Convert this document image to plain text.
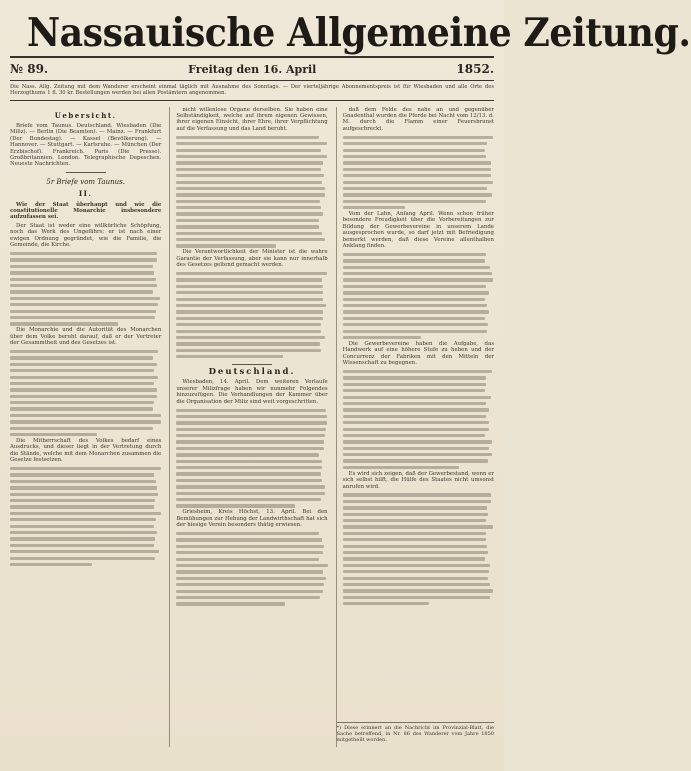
Nassauische Allgemeine Zeitung.
№ 89.	Freitag den 16. April	1852.
Die Nass. Allg. Zeitung mit dem Wanderer erscheint einmal täglich mit Ausnahme des Sonntags. — Der vierteljährige Abonnementspreis ist für Wiesbaden und alle Orte des Herzogthums 1 fl. 30 kr. Bestellungen werden bei allen Postämtern angenommen.
Uebersicht.
Briefe vom Taunus. Deutschland. Wiesbaden (Die Miliz). — Berlin (Die Beamten). — Mainz. — Frankfurt (Der Bundestag). — Kassel (Bevölkerung). — Hannover. — Stuttgart. — Karlsruhe. — München (Der Erzbischof). Frankreich. Paris (Die Presse). Großbritannien. London. Telegraphische Depeschen. Neueste Nachrichten.
5r Briefe vom Taunus.
II.
Wie der Staat überhaupt und wie die constitutionelle Monarchie insbesondere aufzufassen sei.
Der Staat ist weder eine willkürliche Schöpfung, noch das Werk des Ungefährs; er ist nach einer ewigen Ordnung gegründet, wie die Familie, die Gemeinde, die Kirche.
Die Monarchie und die Autorität des Monarchen über dem Volke beruht darauf, daß er der Vertreter der Gesammtheit und des Gesetzes ist.
Die Mitherrschaft des Volkes bedarf eines Ausdrucks, und dieser liegt in der Vertretung durch die Stände, welche mit dem Monarchen zusammen die Gesetze festsetzen.
nicht willenlose Organe derselben. Sie haben eine Selbständigkeit, welche auf ihrem eigenen Gewissen, ihrer eigenen Einsicht, ihrer Ehre, ihrer Verpflichtung auf die Verfassung und das Land beruht.
Die Verantwortlichkeit der Minister ist die wahre Garantie der Verfassung, aber sie kann nur innerhalb des Gesetzes geltend gemacht werden.
Deutschland.
Wiesbaden, 14. April. Dem weiteren Verlaufe unserer Milizfrage haben wir nunmehr Folgendes hinzuzufügen. Die Verhandlungen der Kammer über die Organisation der Miliz sind weit vorgeschritten.
Griesheim, Kreis Höchst, 13. April. Bei den Bemühungen zur Hebung der Landwirthschaft hat sich der hiesige Verein besonders thätig erwiesen.
daß dem Felde des nahe an und gegenüber Gnadenthal wurden die Pferde bei Nacht vom 12/13. d. M. durch die Flamm einer Feuersbrunst aufgeschreckt.
Vom der Lahn, Anfang April. Wenn schon früher besondere Freudigkeit über die Vorbereitungen zur Bildung der Gewerbevereine in unserem Lande ausgesprochen wurde, so darf jetzt mit Befriedigung bemerkt werden, daß diese Vereine allenthalben Anklang finden.
Die Gewerbevereine haben die Aufgabe, das Handwerk auf eine höhere Stufe zu heben und der Concurrenz der Fabriken mit den Mitteln der Wissenschaft zu begegnen.
Es wird sich zeigen, daß der Gewerbestand, wenn er sich selbst hilft, die Hülfe des Staates nicht umsonst anrufen wird.
*) Diese erinnert an die Nachricht im Provinzial-Blatt, die Sache betreffend, in Nr. 86 des Wanderer vom Jahre 1850 mitgetheilt worden.
